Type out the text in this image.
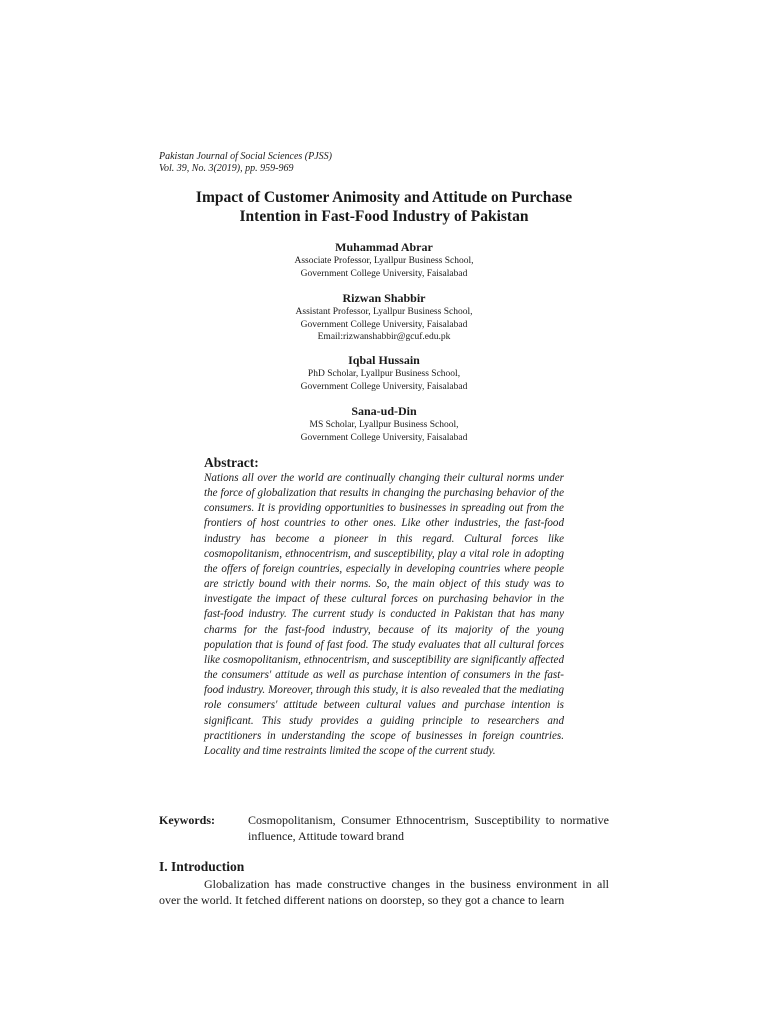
Pakistan Journal of Social Sciences (PJSS)
Vol. 39, No. 3(2019), pp. 959-969
Impact of Customer Animosity and Attitude on Purchase
Intention in Fast-Food Industry of Pakistan
Muhammad Abrar
Associate Professor, Lyallpur Business School,
Government College University, Faisalabad
Rizwan Shabbir
Assistant Professor, Lyallpur Business School,
Government College University, Faisalabad
Email:rizwanshabbir@gcuf.edu.pk
Iqbal Hussain
PhD Scholar, Lyallpur Business School,
Government College University, Faisalabad
Sana-ud-Din
MS Scholar, Lyallpur Business School,
Government College University, Faisalabad
Abstract:
Nations all over the world are continually changing their cultural norms under the force of globalization that results in changing the purchasing behavior of the consumers. It is providing opportunities to businesses in spreading out from the frontiers of host countries to other ones. Like other industries, the fast-food industry has become a pioneer in this regard. Cultural forces like cosmopolitanism, ethnocentrism, and susceptibility, play a vital role in adopting the offers of foreign countries, especially in developing countries where people are strictly bound with their norms. So, the main object of this study was to investigate the impact of these cultural forces on purchasing behavior in the fast-food industry. The current study is conducted in Pakistan that has many charms for the fast-food industry, because of its majority of the young population that is found of fast food. The study evaluates that all cultural forces like cosmopolitanism, ethnocentrism, and susceptibility are significantly affected the consumers' attitude as well as purchase intention of consumers in the fast-food industry. Moreover, through this study, it is also revealed that the mediating role consumers' attitude between cultural values and purchase intention is significant. This study provides a guiding principle to researchers and practitioners in understanding the scope of businesses in foreign countries. Locality and time restraints limited the scope of the current study.
Keywords:	Cosmopolitanism, Consumer Ethnocentrism, Susceptibility to normative influence, Attitude toward brand
I. Introduction
Globalization has made constructive changes in the business environment in all over the world. It fetched different nations on doorstep, so they got a chance to learn
